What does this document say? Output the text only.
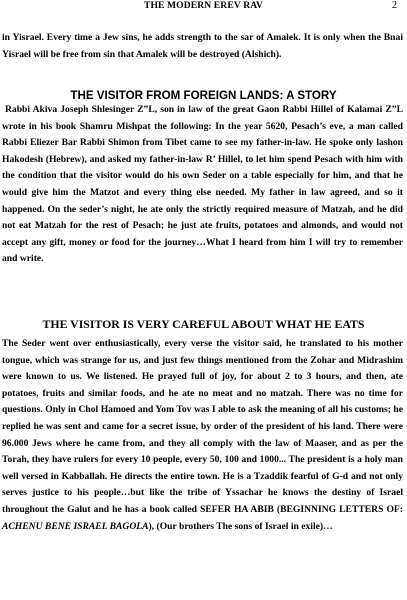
THE MODERN EREV RAV	2

in Yisrael. Every time a Jew sins, he adds strength to the sar of Amalek. It is only when the Bnai Yisrael will be free from sin that Amalek will be destroyed (Alshich).

THE VISITOR FROM FOREIGN LANDS: A STORY

Rabbi Akiva Joseph Shlesinger Z”L, son in law of the great Gaon Rabbi Hillel of Kalamai Z”L wrote in his book Shamru Mishpat the following: In the year 5620, Pesach’s eve, a man called Rabbi Eliezer Bar Rabbi Shimon from Tibet came to see my father-in-law. He spoke only lashon Hakodesh (Hebrew), and asked my father-in-law R’ Hillel, to let him spend Pesach with him with the condition that the visitor would do his own Seder on a table especially for him, and that he would give him the Matzot and every thing else needed. My father in law agreed, and so it happened. On the seder’s night, he ate only the strictly required measure of Matzah, and he did not eat Matzah for the rest of Pesach; he just ate fruits, potatoes and almonds, and would not accept any gift, money or food for the journey…What I heard from him I will try to remember and write.

THE VISITOR IS VERY CAREFUL ABOUT WHAT HE EATS

The Seder went over enthusiastically, every verse the visitor said, he translated to his mother tongue, which was strange for us, and just few things mentioned from the Zohar and Midrashim were known to us. We listened. He prayed full of joy, for about 2 to 3 hours, and then, ate potatoes, fruits and similar foods, and he ate no meat and no matzah. There was no time for questions. Only in Chol Hamoed and Yom Tov was I able to ask the meaning of all his customs; he replied he was sent and came for a secret issue, by order of the president of his land. There were 96.000 Jews where he came from, and they all comply with the law of Maaser, and as per the Torah, they have rulers for every 10 people, every 50, 100 and 1000... The president is a holy man well versed in Kabballah. He directs the entire town. He is a Tzaddik fearful of G-d and not only serves justice to his people…but like the tribe of Yssachar he knows the destiny of Israel throughout the Galut and he has a book called SEFER HA ABIB (BEGINNING LETTERS OF: ACHENU BENE ISRAEL BAGOLA), (Our brothers The sons of Israel in exile)…
